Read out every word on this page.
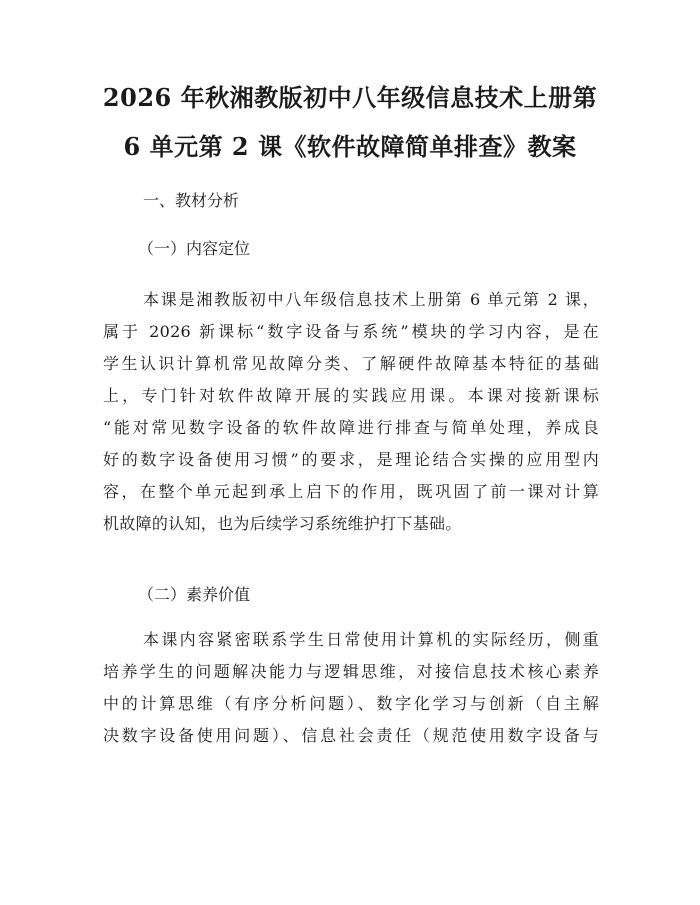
2026 年秋湘教版初中八年级信息技术上册第
6 单元第 2 课《软件故障简单排查》教案
一、教材分析
（一）内容定位
本课是湘教版初中八年级信息技术上册第 6 单元第 2 课，
属于 2026 新课标“数字设备与系统”模块的学习内容，是在
学生认识计算机常见故障分类、了解硬件故障基本特征的基础
上，专门针对软件故障开展的实践应用课。本课对接新课标
“能对常见数字设备的软件故障进行排查与简单处理，养成良
好的数字设备使用习惯”的要求，是理论结合实操的应用型内
容，在整个单元起到承上启下的作用，既巩固了前一课对计算
机故障的认知，也为后续学习系统维护打下基础。
（二）素养价值
本课内容紧密联系学生日常使用计算机的实际经历，侧重
培养学生的问题解决能力与逻辑思维，对接信息技术核心素养
中的计算思维（有序分析问题）、数字化学习与创新（自主解
决数字设备使用问题）、信息社会责任（规范使用数字设备与
